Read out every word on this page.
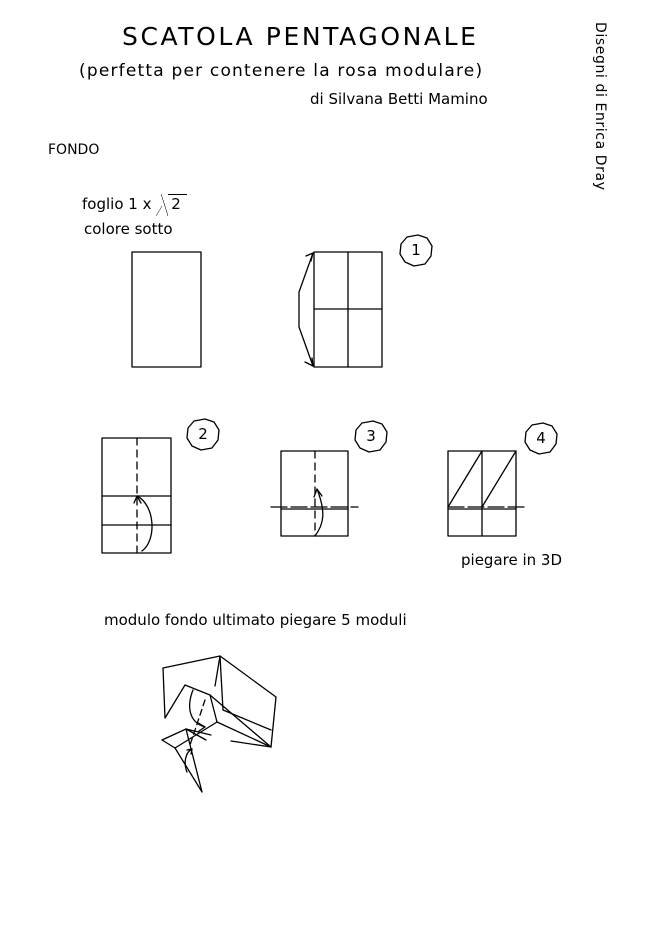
SCATOLA PENTAGONALE
(perfetta per contenere la rosa modulare)
di Silvana Betti Mamino	Disegni di Enrica Dray
FONDO
foglio 1 x 2
colore sotto
1
2	3	4
piegare in 3D
modulo fondo ultimato piegare 5 moduli
